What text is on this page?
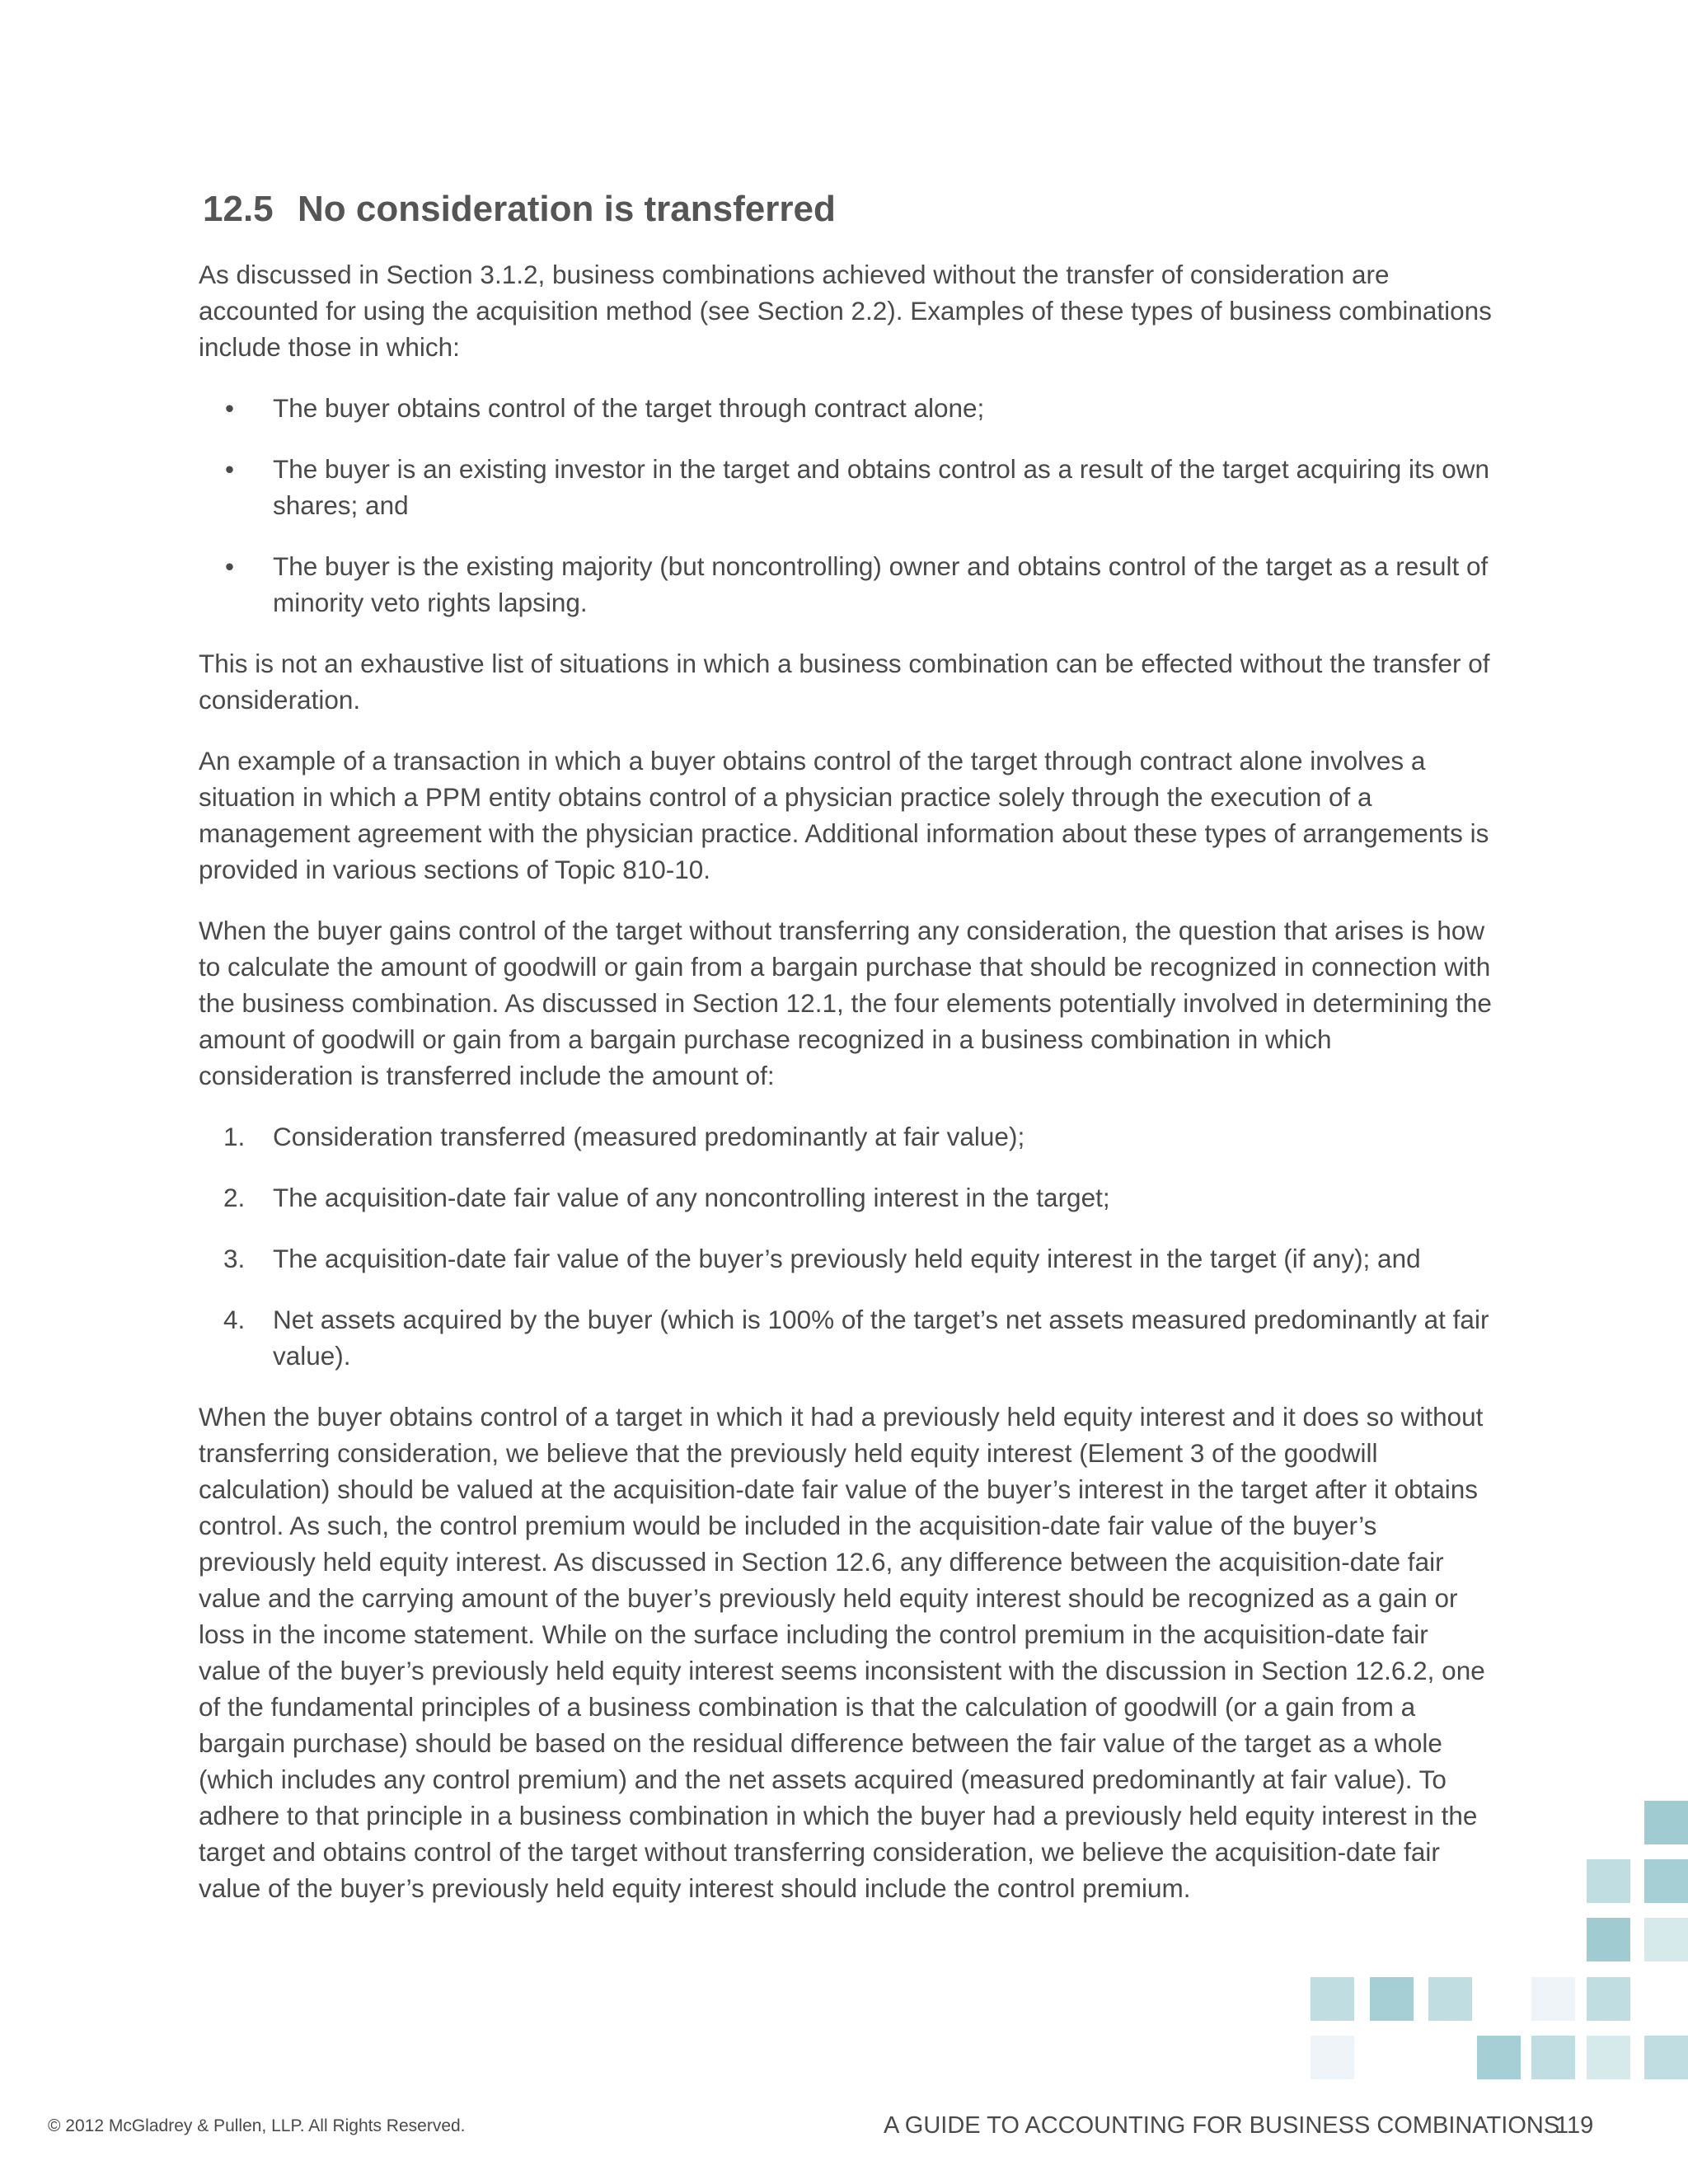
12.5 No consideration is transferred

As discussed in Section 3.1.2, business combinations achieved without the transfer of consideration are accounted for using the acquisition method (see Section 2.2). Examples of these types of business combinations include those in which:

• The buyer obtains control of the target through contract alone;
• The buyer is an existing investor in the target and obtains control as a result of the target acquiring its own shares; and
• The buyer is the existing majority (but noncontrolling) owner and obtains control of the target as a result of minority veto rights lapsing.

This is not an exhaustive list of situations in which a business combination can be effected without the transfer of consideration.

An example of a transaction in which a buyer obtains control of the target through contract alone involves a situation in which a PPM entity obtains control of a physician practice solely through the execution of a management agreement with the physician practice. Additional information about these types of arrangements is provided in various sections of Topic 810-10.

When the buyer gains control of the target without transferring any consideration, the question that arises is how to calculate the amount of goodwill or gain from a bargain purchase that should be recognized in connection with the business combination. As discussed in Section 12.1, the four elements potentially involved in determining the amount of goodwill or gain from a bargain purchase recognized in a business combination in which consideration is transferred include the amount of:

1. Consideration transferred (measured predominantly at fair value);
2. The acquisition-date fair value of any noncontrolling interest in the target;
3. The acquisition-date fair value of the buyer’s previously held equity interest in the target (if any); and
4. Net assets acquired by the buyer (which is 100% of the target’s net assets measured predominantly at fair value).

When the buyer obtains control of a target in which it had a previously held equity interest and it does so without transferring consideration, we believe that the previously held equity interest (Element 3 of the goodwill calculation) should be valued at the acquisition-date fair value of the buyer’s interest in the target after it obtains control. As such, the control premium would be included in the acquisition-date fair value of the buyer’s previously held equity interest. As discussed in Section 12.6, any difference between the acquisition-date fair value and the carrying amount of the buyer’s previously held equity interest should be recognized as a gain or loss in the income statement. While on the surface including the control premium in the acquisition-date fair value of the buyer’s previously held equity interest seems inconsistent with the discussion in Section 12.6.2, one of the fundamental principles of a business combination is that the calculation of goodwill (or a gain from a bargain purchase) should be based on the residual difference between the fair value of the target as a whole (which includes any control premium) and the net assets acquired (measured predominantly at fair value). To adhere to that principle in a business combination in which the buyer had a previously held equity interest in the target and obtains control of the target without transferring consideration, we believe the acquisition-date fair value of the buyer’s previously held equity interest should include the control premium.

© 2012 McGladrey & Pullen, LLP. All Rights Reserved.	A GUIDE TO ACCOUNTING FOR BUSINESS COMBINATIONS
119
